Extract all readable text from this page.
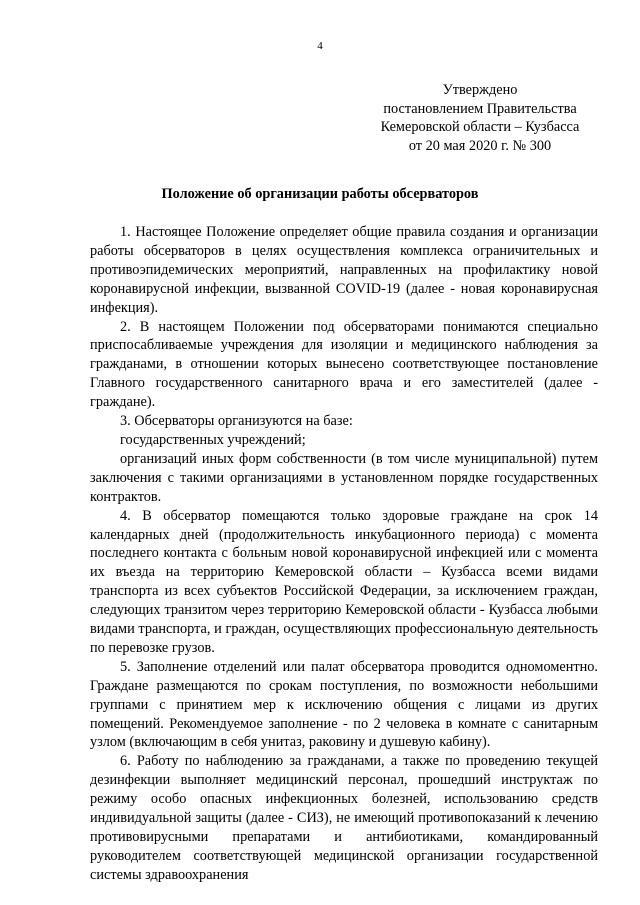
4
Утверждено
постановлением Правительства
Кемеровской области – Кузбасса
от 20 мая 2020 г. № 300
Положение об организации работы обсерваторов

1. Настоящее Положение определяет общие правила создания и организации работы обсерваторов в целях осуществления комплекса ограничительных и противоэпидемических мероприятий, направленных на профилактику новой коронавирусной инфекции, вызванной COVID-19 (далее - новая коронавирусная инфекция).

2. В настоящем Положении под обсерваторами понимаются специально приспосабливаемые учреждения для изоляции и медицинского наблюдения за гражданами, в отношении которых вынесено соответствующее постановление Главного государственного санитарного врача и его заместителей (далее - граждане).

3. Обсерваторы организуются на базе:

государственных учреждений;

организаций иных форм собственности (в том числе муниципальной) путем заключения с такими организациями в установленном порядке государственных контрактов.

4. В обсерватор помещаются только здоровые граждане на срок 14 календарных дней (продолжительность инкубационного периода) с момента последнего контакта с больным новой коронавирусной инфекцией или с момента их въезда на территорию Кемеровской области – Кузбасса всеми видами транспорта из всех субъектов Российской Федерации, за исключением граждан, следующих транзитом через территорию Кемеровской области - Кузбасса любыми видами транспорта, и граждан, осуществляющих профессиональную деятельность по перевозке грузов.

5. Заполнение отделений или палат обсерватора проводится одномоментно. Граждане размещаются по срокам поступления, по возможности небольшими группами с принятием мер к исключению общения с лицами из других помещений. Рекомендуемое заполнение - по 2 человека в комнате с санитарным узлом (включающим в себя унитаз, раковину и душевую кабину).

6. Работу по наблюдению за гражданами, а также по проведению текущей дезинфекции выполняет медицинский персонал, прошедший инструктаж по режиму особо опасных инфекционных болезней, использованию средств индивидуальной защиты (далее - СИЗ), не имеющий противопоказаний к лечению противовирусными препаратами и антибиотиками, командированный руководителем соответствующей медицинской организации государственной системы здравоохранения
